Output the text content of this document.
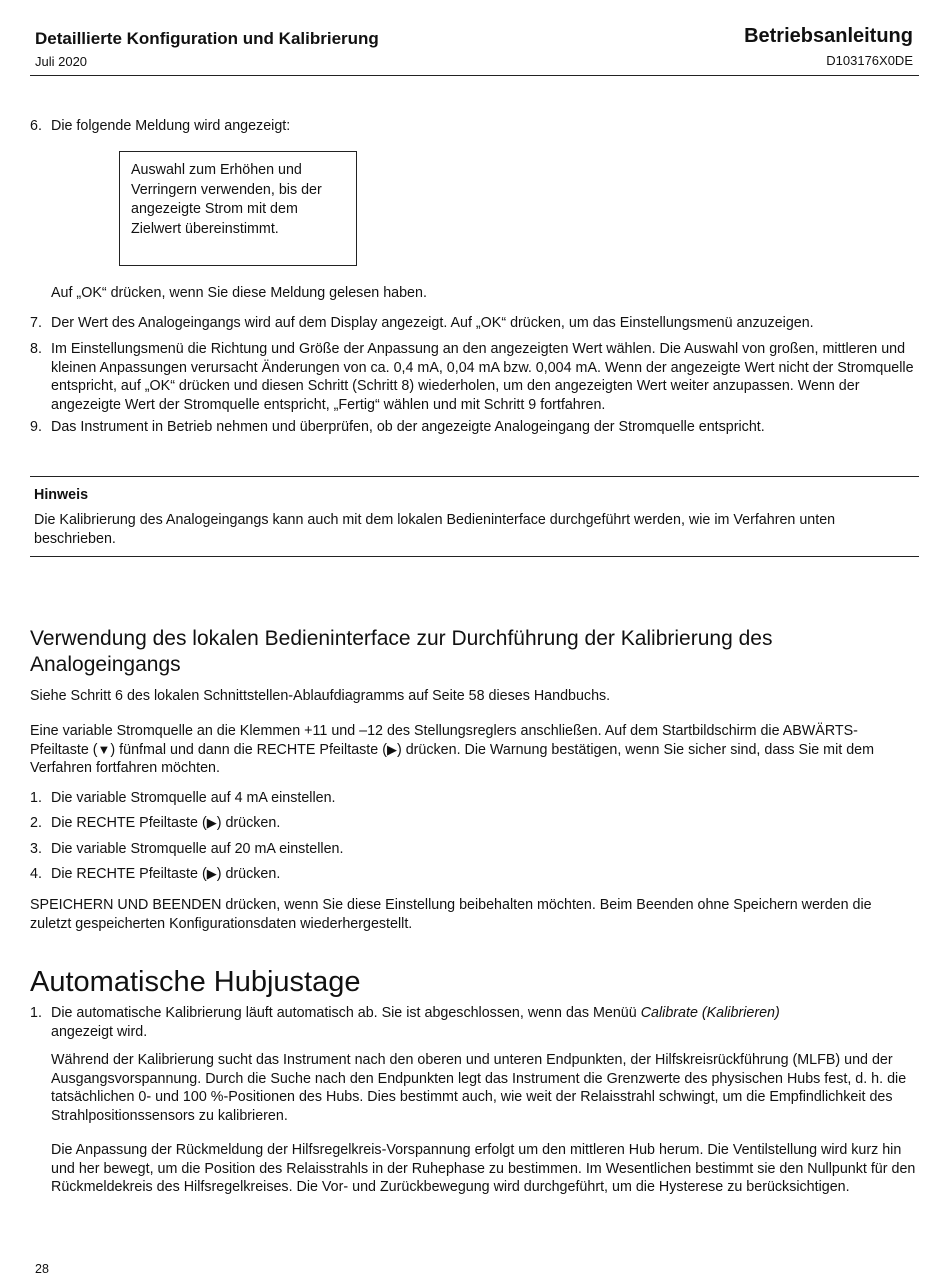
Detaillierte Konfiguration und Kalibrierung
Juli 2020
Betriebsanleitung
D103176X0DE
6. Die folgende Meldung wird angezeigt:
Auswahl zum Erhöhen und Verringern verwenden, bis der angezeigte Strom mit dem Zielwert übereinstimmt.
Auf „OK“ drücken, wenn Sie diese Meldung gelesen haben.
7. Der Wert des Analogeingangs wird auf dem Display angezeigt. Auf „OK“ drücken, um das Einstellungsmenü anzuzeigen.
8. Im Einstellungsmenü die Richtung und Größe der Anpassung an den angezeigten Wert wählen. Die Auswahl von großen, mittleren und kleinen Anpassungen verursacht Änderungen von ca. 0,4 mA, 0,04 mA bzw. 0,004 mA. Wenn der angezeigte Wert nicht der Stromquelle entspricht, auf „OK“ drücken und diesen Schritt (Schritt 8) wiederholen, um den angezeigten Wert weiter anzupassen. Wenn der angezeigte Wert der Stromquelle entspricht, „Fertig“ wählen und mit Schritt 9 fortfahren.
9. Das Instrument in Betrieb nehmen und überprüfen, ob der angezeigte Analogeingang der Stromquelle entspricht.
Hinweis
Die Kalibrierung des Analogeingangs kann auch mit dem lokalen Bedieninterface durchgeführt werden, wie im Verfahren unten beschrieben.
Verwendung des lokalen Bedieninterface zur Durchführung der Kalibrierung des Analogeingangs
Siehe Schritt 6 des lokalen Schnittstellen-Ablaufdiagramms auf Seite 58 dieses Handbuchs.
Eine variable Stromquelle an die Klemmen +11 und –12 des Stellungsreglers anschließen. Auf dem Startbildschirm die ABWÄRTS-Pfeiltaste (▼) fünfmal und dann die RECHTE Pfeiltaste (▶) drücken. Die Warnung bestätigen, wenn Sie sicher sind, dass Sie mit dem Verfahren fortfahren möchten.
1. Die variable Stromquelle auf 4 mA einstellen.
2. Die RECHTE Pfeiltaste (▶) drücken.
3. Die variable Stromquelle auf 20 mA einstellen.
4. Die RECHTE Pfeiltaste (▶) drücken.
SPEICHERN UND BEENDEN drücken, wenn Sie diese Einstellung beibehalten möchten. Beim Beenden ohne Speichern werden die zuletzt gespeicherten Konfigurationsdaten wiederhergestellt.
Automatische Hubjustage
1. Die automatische Kalibrierung läuft automatisch ab. Sie ist abgeschlossen, wenn das Menüü Calibrate (Kalibrieren) angezeigt wird.
Während der Kalibrierung sucht das Instrument nach den oberen und unteren Endpunkten, der Hilfskreisrückführung (MLFB) und der Ausgangsvorspannung. Durch die Suche nach den Endpunkten legt das Instrument die Grenzwerte des physischen Hubs fest, d. h. die tatsächlichen 0- und 100 %-Positionen des Hubs. Dies bestimmt auch, wie weit der Relaisstrahl schwingt, um die Empfindlichkeit des Strahlpositionssensors zu kalibrieren.
Die Anpassung der Rückmeldung der Hilfsregelkreis-Vorspannung erfolgt um den mittleren Hub herum. Die Ventilstellung wird kurz hin und her bewegt, um die Position des Relaisstrahls in der Ruhephase zu bestimmen. Im Wesentlichen bestimmt sie den Nullpunkt für den Rückmeldekreis des Hilfsregelkreises. Die Vor- und Zurückbewegung wird durchgeführt, um die Hysterese zu berücksichtigen.
28
